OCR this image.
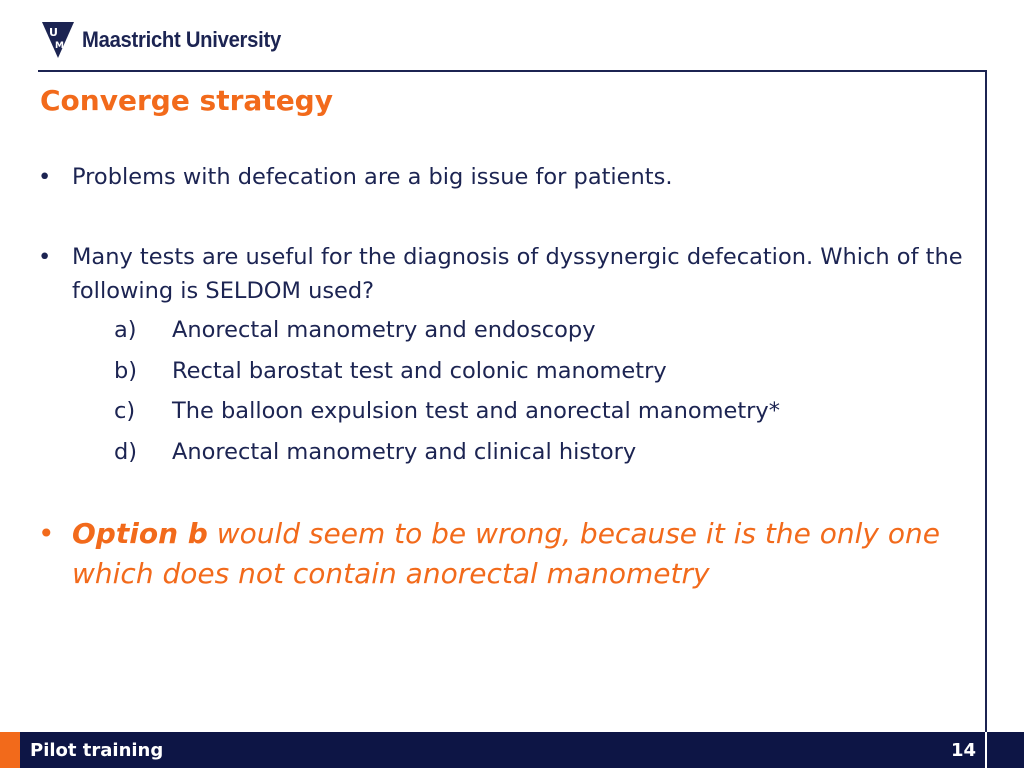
U
M Maastricht University
Converge strategy
• Problems with defecation are a big issue for patients.
• Many tests are useful for the diagnosis of dyssynergic defecation. Which of the following is SELDOM used?
a)	Anorectal manometry and endoscopy
b)	Rectal barostat test and colonic manometry
c)	The balloon expulsion test and anorectal manometry*
d)	Anorectal manometry and clinical history
• Option b would seem to be wrong, because it is the only one which does not contain anorectal manometry
Pilot training	14
